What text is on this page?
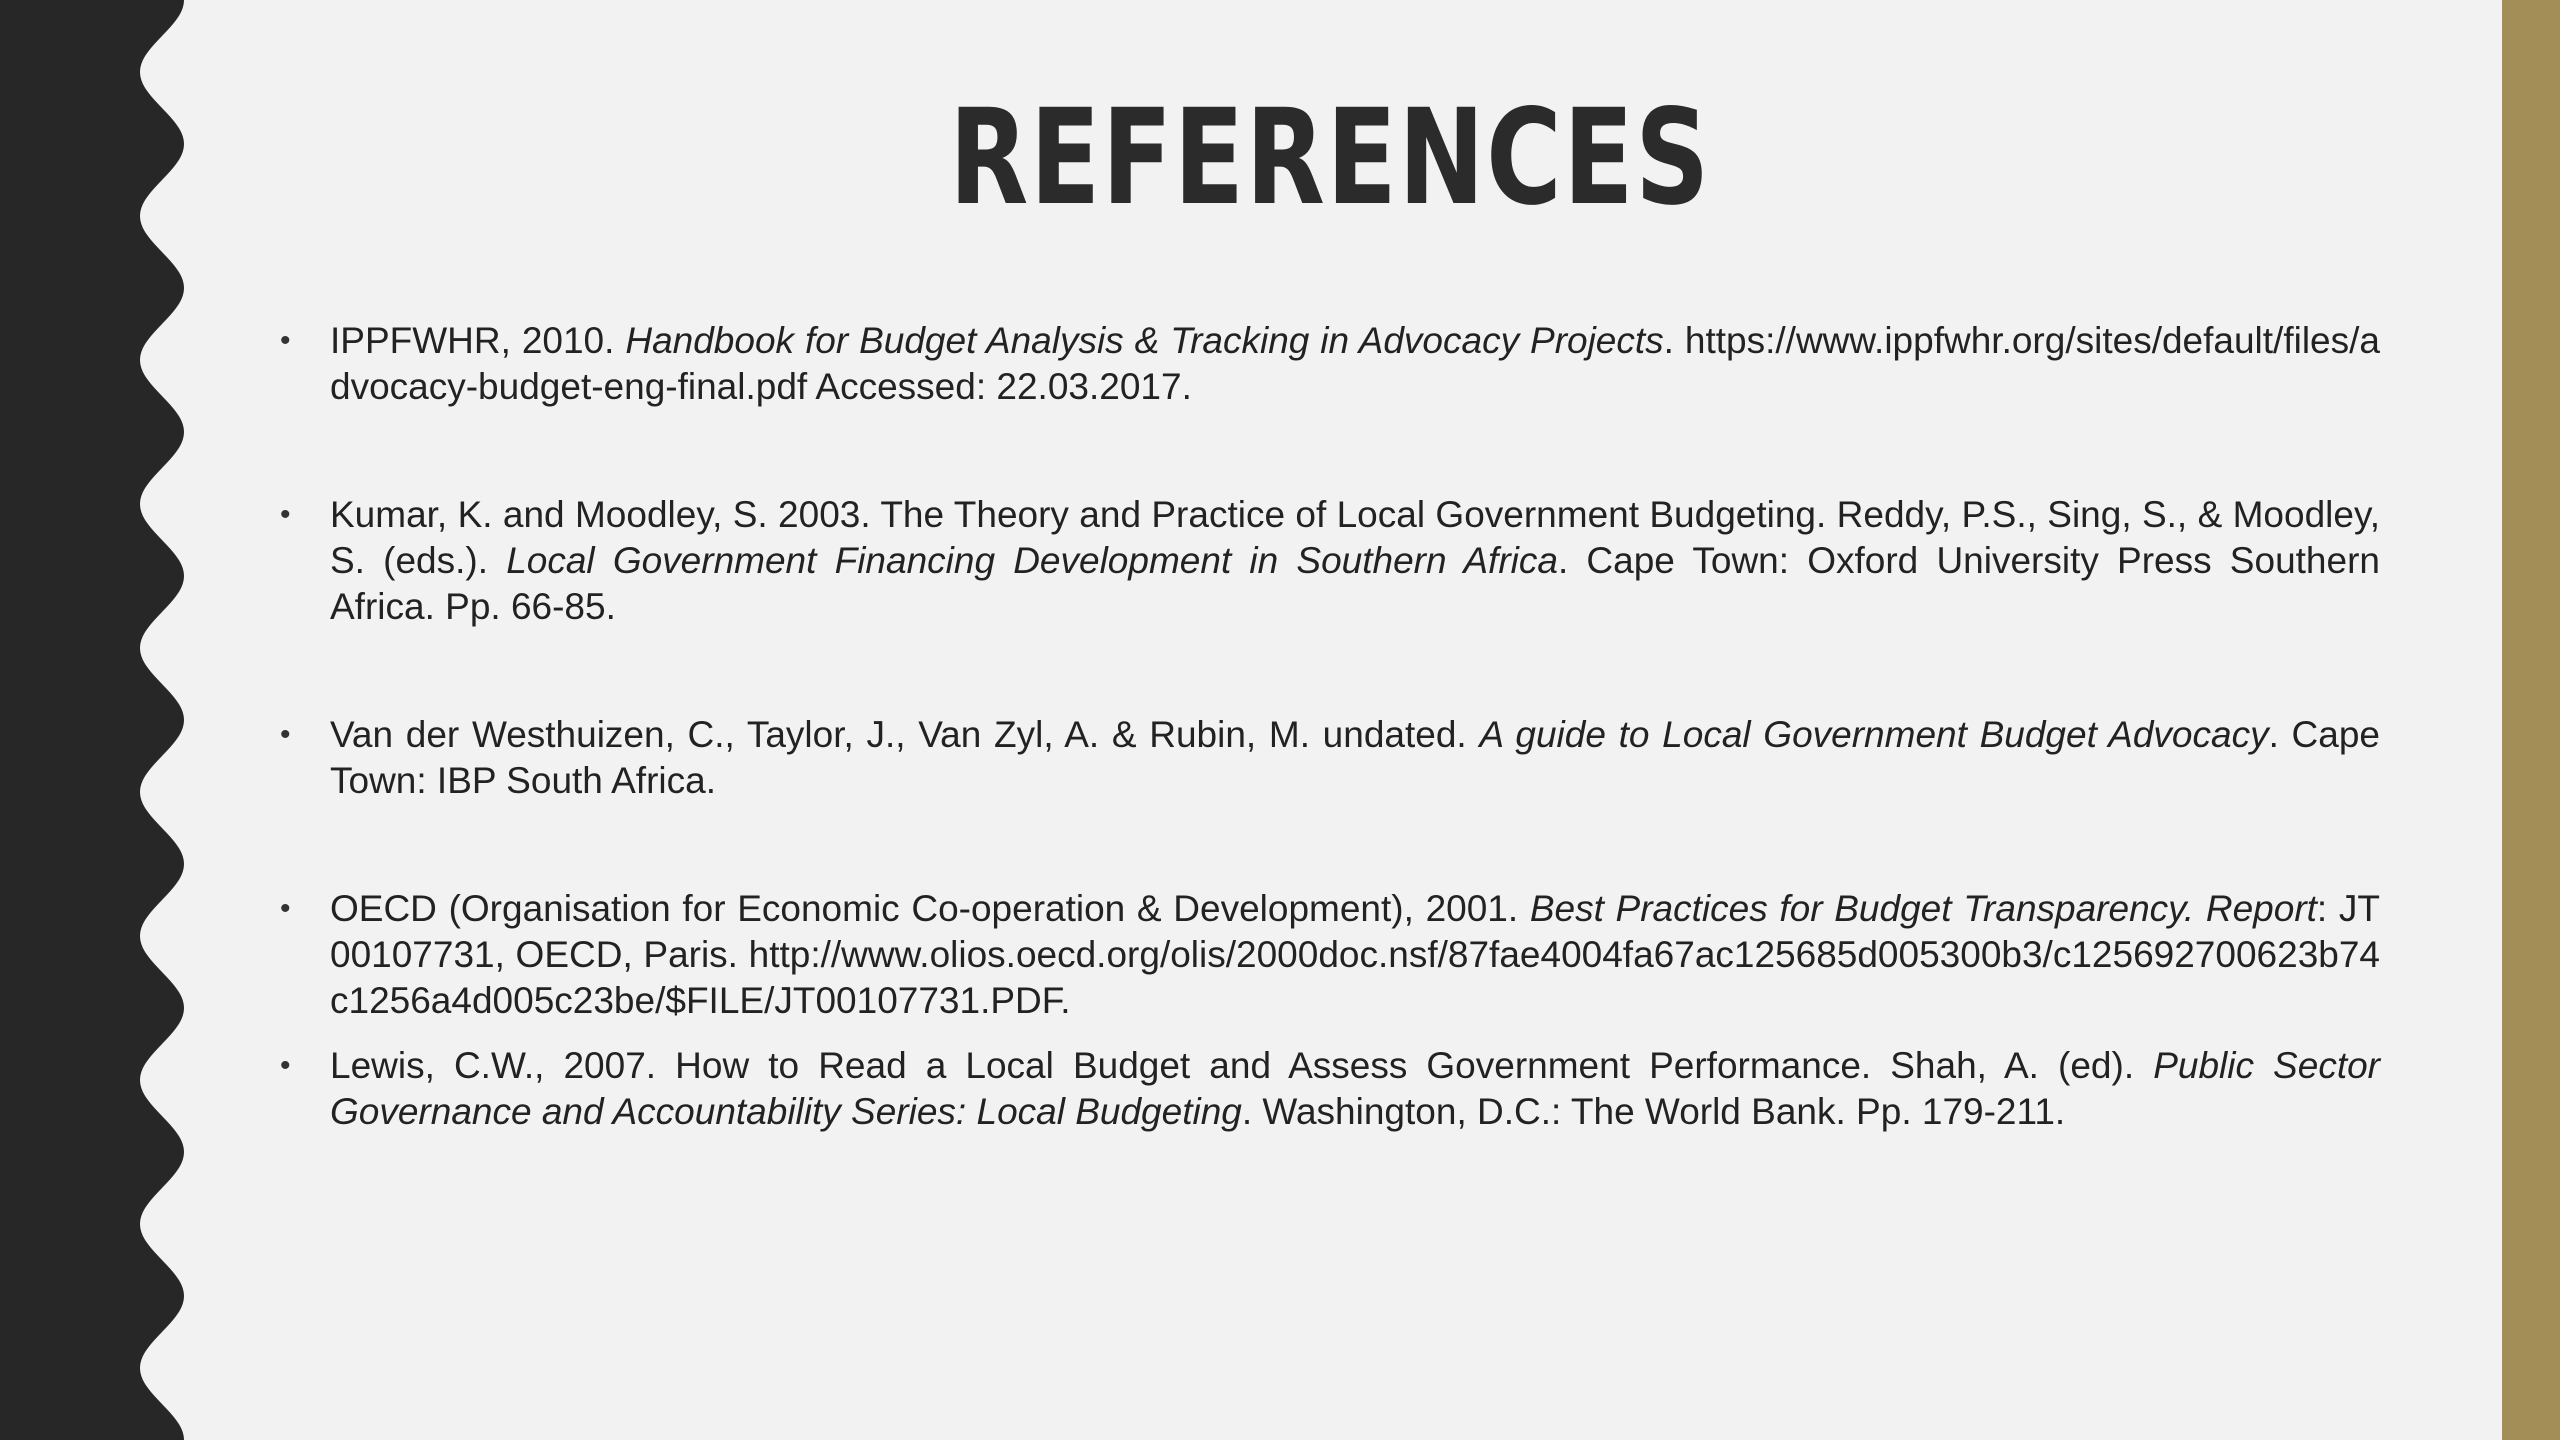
REFERENCES
• IPPFWHR, 2010. Handbook for Budget Analysis & Tracking in Advocacy Projects. https://www.ippfwhr.org/sites/default/files/advocacy-budget-eng-final.pdf Accessed: 22.03.2017.
• Kumar, K. and Moodley, S. 2003. The Theory and Practice of Local Government Budgeting. Reddy, P.S., Sing, S., & Moodley, S. (eds.). Local Government Financing Development in Southern Africa. Cape Town: Oxford University Press Southern Africa. Pp. 66-85.
• Van der Westhuizen, C., Taylor, J., Van Zyl, A. & Rubin, M. undated. A guide to Local Government Budget Advocacy. Cape Town: IBP South Africa.
• OECD (Organisation for Economic Co-operation & Development), 2001. Best Practices for Budget Transparency. Report: JT00107731, OECD, Paris. http://www.olios.oecd.org/olis/2000doc.nsf/87fae4004fa67ac125685d005300b3/c125692700623b74c1256a4d005c23be/$FILE/JT00107731.PDF.
• Lewis, C.W., 2007. How to Read a Local Budget and Assess Government Performance. Shah, A. (ed). Public Sector Governance and Accountability Series: Local Budgeting. Washington, D.C.: The World Bank. Pp. 179-211.
